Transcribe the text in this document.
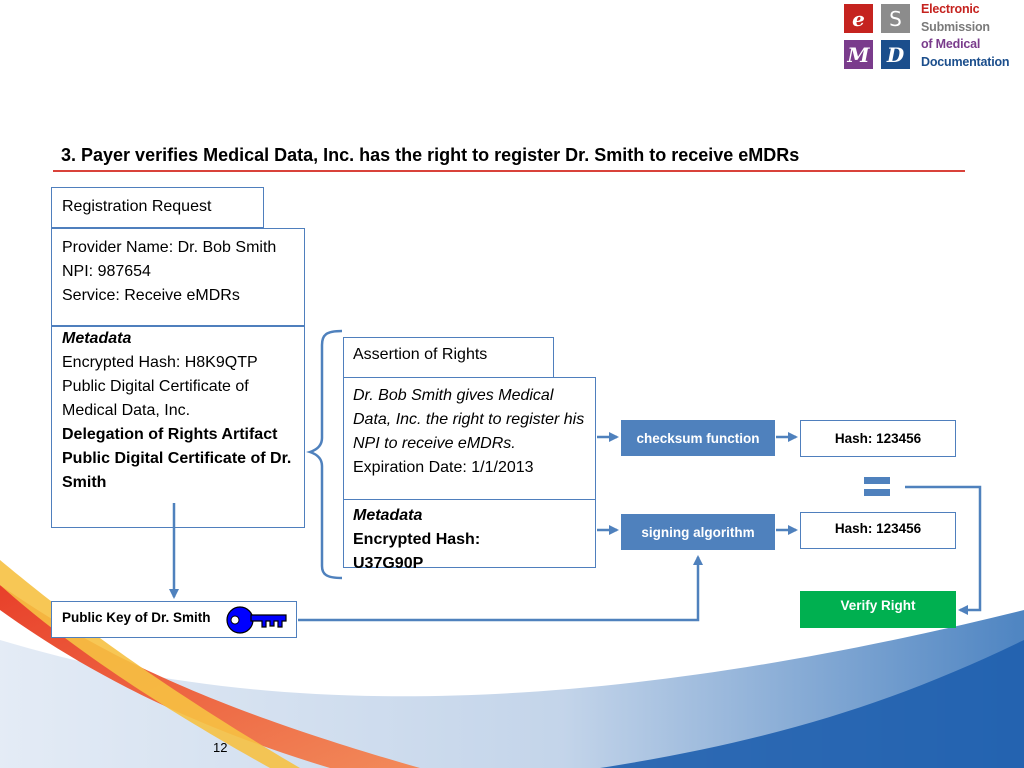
e	S
M D
Electronic
Submission
of Medical
Documentation
3. Payer verifies Medical Data, Inc. has the right to register Dr. Smith to receive eMDRs
Registration Request

Provider Name: Dr. Bob Smith

NPI: 987654

Service: Receive eMDRs

Metadata

Encrypted Hash: H8K9QTP

Public Digital Certificate of Medical Data, Inc.

Delegation of Rights Artifact

Public Digital Certificate of Dr. Smith

Assertion of Rights

Dr. Bob Smith gives Medical Data, Inc. the right to register his NPI to receive eMDRs.

Expiration Date: 1/1/2013

Metadata

Encrypted Hash:

U37G90P

Public Key of Dr. Smith
checksum function
signing algorithm
Hash: 123456
Hash: 123456
Verify Right
12
